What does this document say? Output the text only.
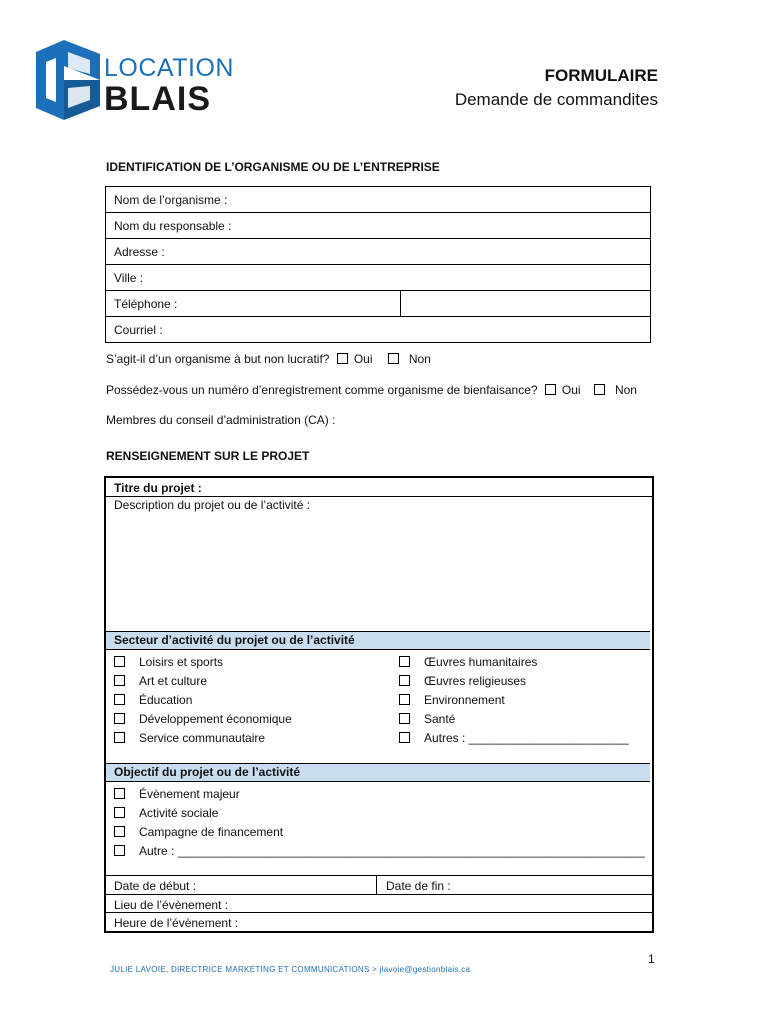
LOCATION
BLAIS
FORMULAIRE
Demande de commandites
IDENTIFICATION DE L’ORGANISME OU DE L’ENTREPRISE
Nom de l’organisme :
Nom du responsable :
Adresse :
Ville :
Téléphone :	
Courriel :
S’agit-il d’un organisme à but non lucratif? Oui	Non
Possédez-vous un numéro d’enregistrement comme organisme de bienfaisance? Oui	Non
Membres du conseil d’administration (CA) :
RENSEIGNEMENT SUR LE PROJET
Titre du projet :
Description du projet ou de l’activité :
Secteur d’activité du projet ou de l’activité
Loisirs et sports
Art et culture
Éducation
Développement économique
Service communautaire
Œuvres humanitaires
Œuvres religieuses
Environnement
Santé
Autres : ________________________
Objectif du projet ou de l’activité
Évènement majeur
Activité sociale
Campagne de financement
Autre : ______________________________________________________________________
Date de début :	Date de fin :
Lieu de l’évènement :
Heure de l’évènement :
1
JULIE LAVOIE, DIRECTRICE MARKETING ET COMMUNICATIONS > jlavoie@gestionblais.ca
